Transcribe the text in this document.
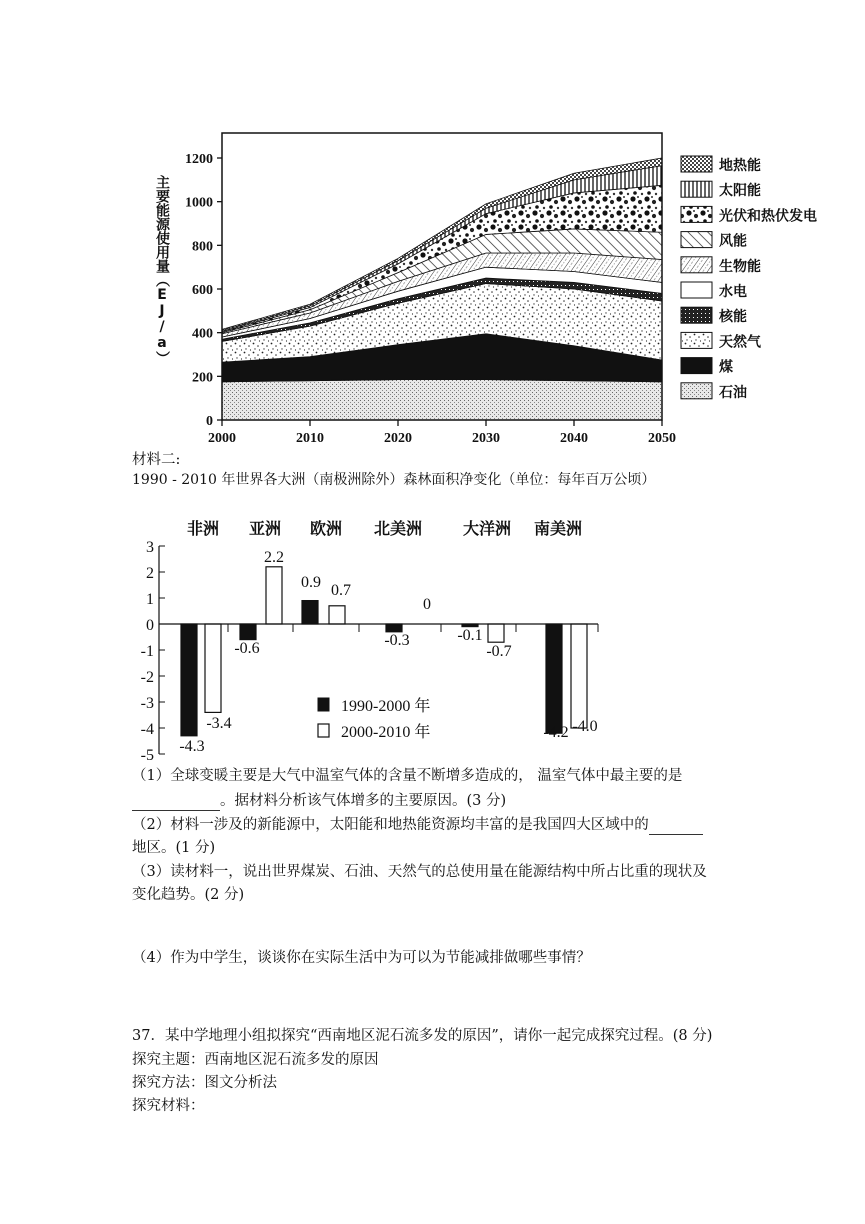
0
200
400
600
800
1000
1200
2000	2010	2020	2030	2040	2050
地热能
太阳能
光伏和热伏发电
风能
生物能
水电
核能
天然气
煤
石油
主要能源使用量（EJ/a）
材料二:
1990 - 2010 年世界各大洲（南极洲除外）森林面积净变化（单位：每年百万公顷）
-4.3
-0.6
0.9
-0.3	-0.1
-4.2
-3.4
2.2
0.7
0
-0.7
-4.0
3
2
1
0
-1
-2
-3
-4
-5
非洲 亚洲 欧洲 北美洲	大洋洲 南美洲
1990-2000 年
2000-2010 年
（1）全球变暖主要是大气中温室气体的含量不断增多造成的， 温室气体中最主要的是
。据材料分析该气体增多的主要原因。(3 分)
（2）材料一涉及的新能源中，太阳能和地热能资源均丰富的是我国四大区域中的
地区。(1 分)
（3）读材料一，说出世界煤炭、石油、天然气的总使用量在能源结构中所占比重的现状及
变化趋势。(2 分)
（4）作为中学生，谈谈你在实际生活中为可以为节能减排做哪些事情？
37．某中学地理小组拟探究“西南地区泥石流多发的原因”，请你一起完成探究过程。(8 分)
探究主题：西南地区泥石流多发的原因
探究方法：图文分析法
探究材料：
